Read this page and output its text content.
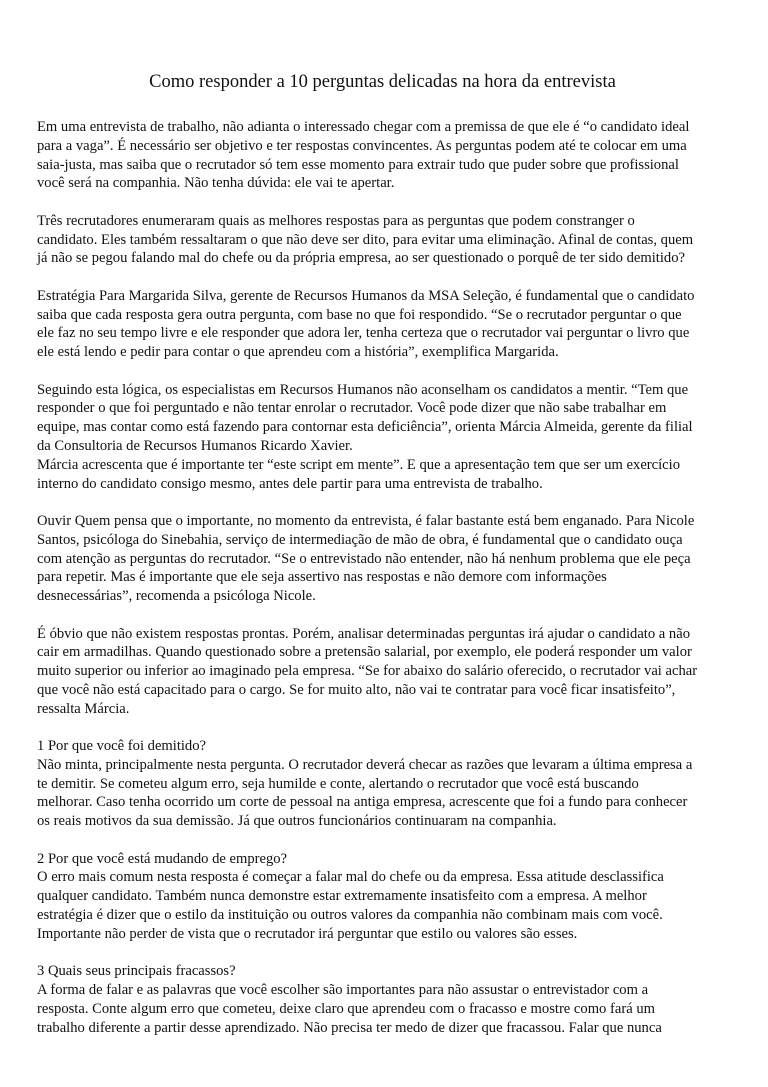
Como responder a 10 perguntas delicadas na hora da entrevista

Em uma entrevista de trabalho, não adianta o interessado chegar com a premissa de que ele é “o candidato ideal
para a vaga”. É necessário ser objetivo e ter respostas convincentes. As perguntas podem até te colocar em uma
saia-justa, mas saiba que o recrutador só tem esse momento para extrair tudo que puder sobre que profissional
você será na companhia. Não tenha dúvida: ele vai te apertar.

Três recrutadores enumeraram quais as melhores respostas para as perguntas que podem constranger o
candidato. Eles também ressaltaram o que não deve ser dito, para evitar uma eliminação. Afinal de contas, quem
já não se pegou falando mal do chefe ou da própria empresa, ao ser questionado o porquê de ter sido demitido?

Estratégia Para Margarida Silva, gerente de Recursos Humanos da MSA Seleção, é fundamental que o candidato
saiba que cada resposta gera outra pergunta, com base no que foi respondido. “Se o recrutador perguntar o que
ele faz no seu tempo livre e ele responder que adora ler, tenha certeza que o recrutador vai perguntar o livro que
ele está lendo e pedir para contar o que aprendeu com a história”, exemplifica Margarida.

Seguindo esta lógica, os especialistas em Recursos Humanos não aconselham os candidatos a mentir. “Tem que
responder o que foi perguntado e não tentar enrolar o recrutador. Você pode dizer que não sabe trabalhar em
equipe, mas contar como está fazendo para contornar esta deficiência”, orienta Márcia Almeida, gerente da filial
da Consultoria de Recursos Humanos Ricardo Xavier.
Márcia acrescenta que é importante ter “este script em mente”. E que a apresentação tem que ser um exercício
interno do candidato consigo mesmo, antes dele partir para uma entrevista de trabalho.

Ouvir Quem pensa que o importante, no momento da entrevista, é falar bastante está bem enganado. Para Nicole
Santos, psicóloga do Sinebahia, serviço de intermediação de mão de obra, é fundamental que o candidato ouça
com atenção as perguntas do recrutador. “Se o entrevistado não entender, não há nenhum problema que ele peça
para repetir. Mas é importante que ele seja assertivo nas respostas e não demore com informações
desnecessárias”, recomenda a psicóloga Nicole.

É óbvio que não existem respostas prontas. Porém, analisar determinadas perguntas irá ajudar o candidato a não
cair em armadilhas. Quando questionado sobre a pretensão salarial, por exemplo, ele poderá responder um valor
muito superior ou inferior ao imaginado pela empresa. “Se for abaixo do salário oferecido, o recrutador vai achar
que você não está capacitado para o cargo. Se for muito alto, não vai te contratar para você ficar insatisfeito”,
ressalta Márcia.

1 Por que você foi demitido?
Não minta, principalmente nesta pergunta. O recrutador deverá checar as razões que levaram a última empresa a
te demitir. Se cometeu algum erro, seja humilde e conte, alertando o recrutador que você está buscando
melhorar. Caso tenha ocorrido um corte de pessoal na antiga empresa, acrescente que foi a fundo para conhecer
os reais motivos da sua demissão. Já que outros funcionários continuaram na companhia.

2 Por que você está mudando de emprego?
O erro mais comum nesta resposta é começar a falar mal do chefe ou da empresa. Essa atitude desclassifica
qualquer candidato. Também nunca demonstre estar extremamente insatisfeito com a empresa. A melhor
estratégia é dizer que o estilo da instituição ou outros valores da companhia não combinam mais com você.
Importante não perder de vista que o recrutador irá perguntar que estilo ou valores são esses.

3 Quais seus principais fracassos?
A forma de falar e as palavras que você escolher são importantes para não assustar o entrevistador com a
resposta. Conte algum erro que cometeu, deixe claro que aprendeu com o fracasso e mostre como fará um
trabalho diferente a partir desse aprendizado. Não precisa ter medo de dizer que fracassou. Falar que nunca
